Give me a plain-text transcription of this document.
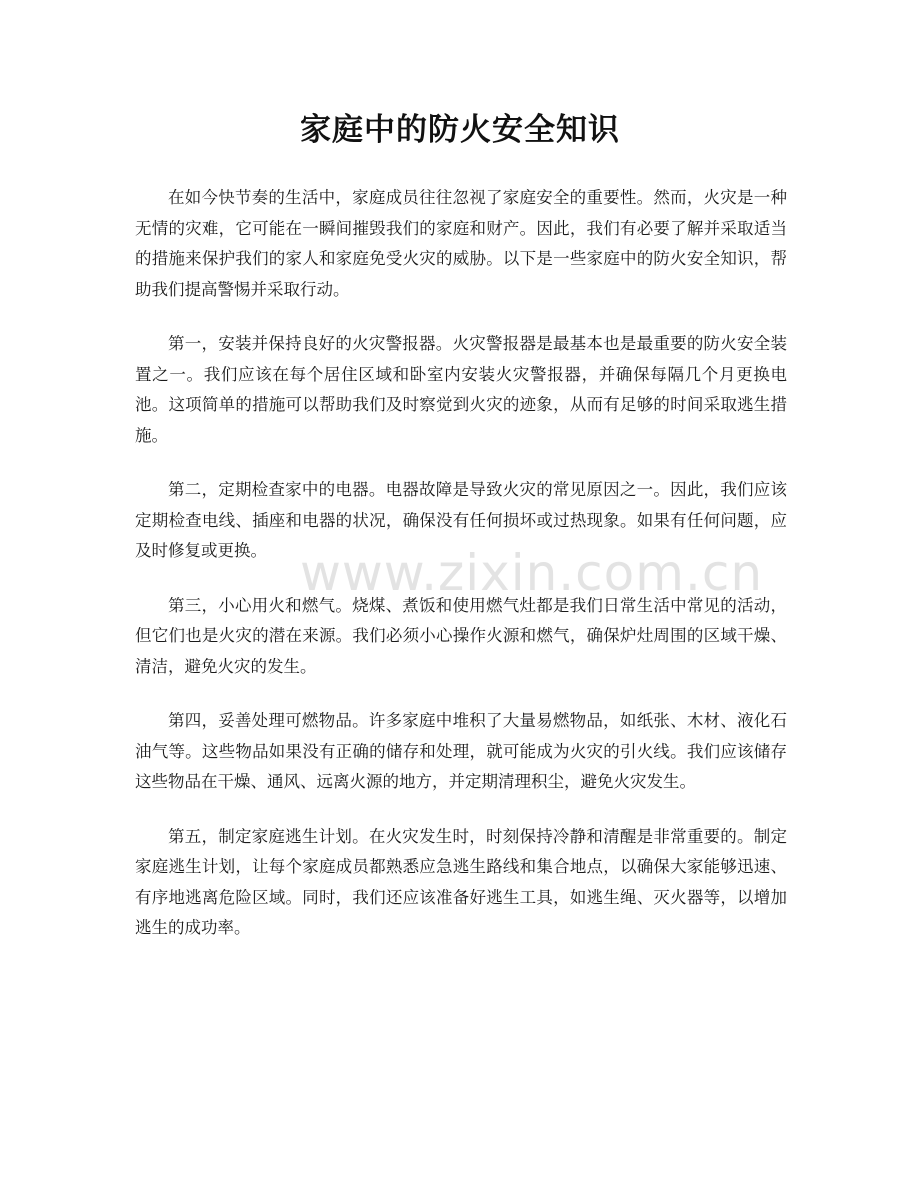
www.zixin.com.cn
家庭中的防火安全知识

在如今快节奏的生活中，家庭成员往往忽视了家庭安全的重要性。然而，火灾是一种无情的灾难，它可能在一瞬间摧毁我们的家庭和财产。因此，我们有必要了解并采取适当的措施来保护我们的家人和家庭免受火灾的威胁。以下是一些家庭中的防火安全知识，帮助我们提高警惕并采取行动。

第一，安装并保持良好的火灾警报器。火灾警报器是最基本也是最重要的防火安全装置之一。我们应该在每个居住区域和卧室内安装火灾警报器，并确保每隔几个月更换电池。这项简单的措施可以帮助我们及时察觉到火灾的迹象，从而有足够的时间采取逃生措施。

第二，定期检查家中的电器。电器故障是导致火灾的常见原因之一。因此，我们应该定期检查电线、插座和电器的状况，确保没有任何损坏或过热现象。如果有任何问题，应及时修复或更换。

第三，小心用火和燃气。烧煤、煮饭和使用燃气灶都是我们日常生活中常见的活动，但它们也是火灾的潜在来源。我们必须小心操作火源和燃气，确保炉灶周围的区域干燥、清洁，避免火灾的发生。

第四，妥善处理可燃物品。许多家庭中堆积了大量易燃物品，如纸张、木材、液化石油气等。这些物品如果没有正确的储存和处理，就可能成为火灾的引火线。我们应该储存这些物品在干燥、通风、远离火源的地方，并定期清理积尘，避免火灾发生。

第五，制定家庭逃生计划。在火灾发生时，时刻保持冷静和清醒是非常重要的。制定家庭逃生计划，让每个家庭成员都熟悉应急逃生路线和集合地点，以确保大家能够迅速、有序地逃离危险区域。同时，我们还应该准备好逃生工具，如逃生绳、灭火器等，以增加逃生的成功率。
